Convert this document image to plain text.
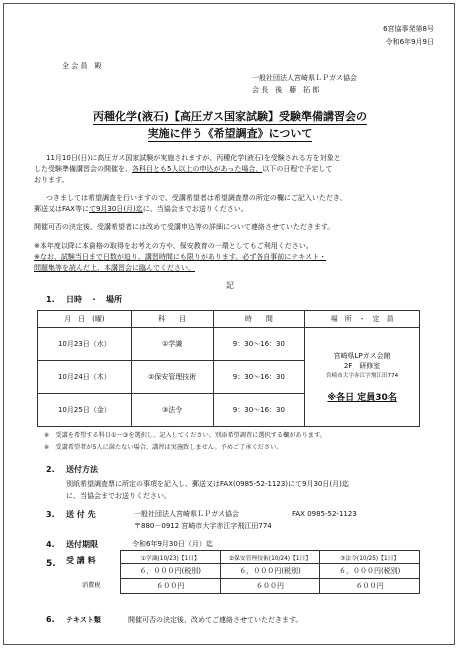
6宮協事発第8号
令和6年9月9日
全 会 員　殿
一般社団法人宮崎県ＬＰガス協会
会 長　後　藤　拓 郎
丙種化学(液石)【高圧ガス国家試験】受験準備講習会の
実施に伴う《希望調査》について
11月10日(日)に高圧ガス国家試験が実施されますが、丙種化学(液石)を受験される方を対象と
した受験準備講習会の開催を、各科目とも5人以上の申込があった場合、以下の日程で予定して
おります。
つきましては希望調査を行いますので、受講希望者は希望調査票の所定の欄にご記入いただき、
郵送又はFAX等にて9月30日(月)迄に、当協会までお送りください。
開催可否の決定後、受講希望者には改めて受講申込等の詳細について連絡させていただきます。
※本年度以降に本資格の取得をお考えの方や、保安教育の一環としてもご利用ください。
※なお、試験当日まで日数が迫り、講習時間にも限りがあります。必ず各自事前にテキスト・
問題集等を読んだ上、本講習会に臨んでください。
記
1. 日時　・　場所
月　日　(曜)	科　　目	時　　間	場　所　・　定　員
10月23日（水）	①学識	9：30～16：30	宮崎県LPガス会館
2F　研修室
宮崎市大字赤江字飛江田774
※各日 定員30名

10月24日（木）	②保安管理技術	9：30～16：30	
10月25日（金）	③法令	9：30～16：30	
※　受講を希望する科目①～③を選択し、記入してください。別添希望調査に選択する欄があります。
※　受講希望者が5人に満たない場合、講習は実施致しません。予めご了承ください。
2. 送付方法
別紙希望調査票に所定の事項を記入し、郵送又はFAX(0985-52-1123)にて9月30日(月)迄
に、当協会までお送りください。
3. 送 付 先	一般社団法人宮崎県ＬＰガス協会	FAX 0985-52-1123
〒880－0912 宮崎市大字赤江字飛江田774
4. 送付期限	令和6年9月30日（月）迄
5. 受 講 料
消費税
①学識(10/23)【1日】	②保安管理技術(10/24)【1日】	③法令(10/25)【1日】
６，０００円(税別)	６，０００円(税別)	６，０００円(税別)
６００円	６００円	６００円
6. テキスト類	開催可否の決定後、改めてご連絡させていただきます。
